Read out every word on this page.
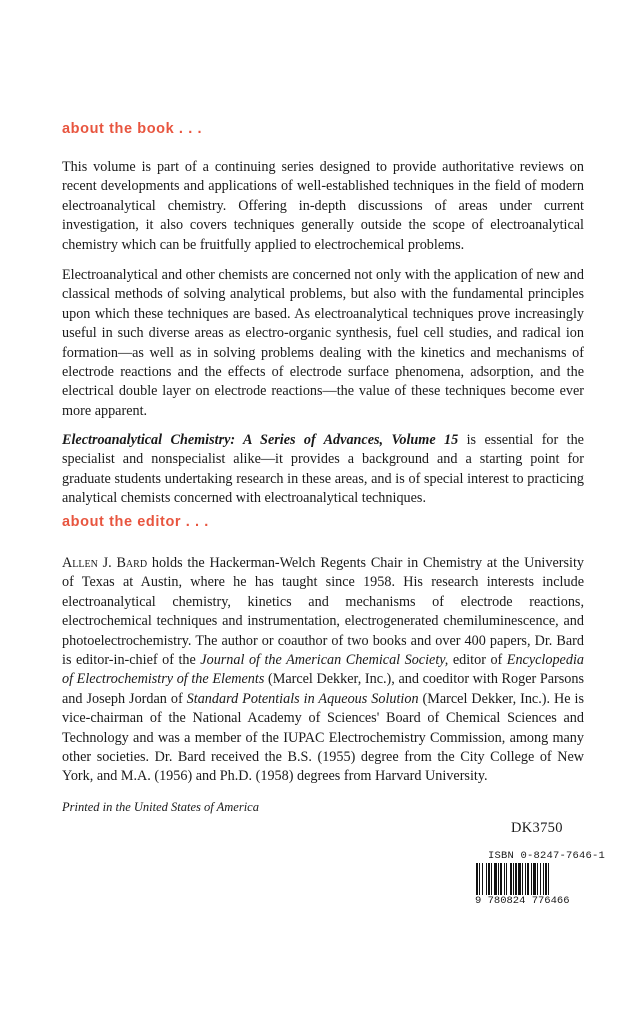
about the book . . .

This volume is part of a continuing series designed to provide authoritative reviews on recent developments and applications of well-established techniques in the field of modern electroanalytical chemistry. Offering in-depth discussions of areas under current investigation, it also covers techniques generally outside the scope of electroanalytical chemistry which can be fruitfully applied to electrochemical problems.

Electroanalytical and other chemists are concerned not only with the application of new and classical methods of solving analytical problems, but also with the fundamental principles upon which these techniques are based. As electroanalytical techniques prove increasingly useful in such diverse areas as electro-organic synthesis, fuel cell studies, and radical ion formation—as well as in solving problems dealing with the kinetics and mechanisms of electrode reactions and the effects of electrode surface phenomena, adsorption, and the electrical double layer on electrode reactions—the value of these techniques become ever more apparent.

Electroanalytical Chemistry: A Series of Advances, Volume 15 is essential for the specialist and nonspecialist alike—it provides a background and a starting point for graduate students undertaking research in these areas, and is of special interest to practicing analytical chemists concerned with electroanalytical techniques.

about the editor . . .

Allen J. Bard holds the Hackerman-Welch Regents Chair in Chemistry at the University of Texas at Austin, where he has taught since 1958. His research interests include electroanalytical chemistry, kinetics and mechanisms of electrode reactions, electrochemical techniques and instrumentation, electrogenerated chemiluminescence, and photoelectrochemistry. The author or coauthor of two books and over 400 papers, Dr. Bard is editor-in-chief of the Journal of the American Chemical Society, editor of Encyclopedia of Electrochemistry of the Elements (Marcel Dekker, Inc.), and coeditor with Roger Parsons and Joseph Jordan of Standard Potentials in Aqueous Solution (Marcel Dekker, Inc.). He is vice-chairman of the National Academy of Sciences' Board of Chemical Sciences and Technology and was a member of the IUPAC Electrochemistry Commission, among many other societies. Dr. Bard received the B.S. (1955) degree from the City College of New York, and M.A. (1956) and Ph.D. (1958) degrees from Harvard University.

Printed in the United States of America
DK3750
ISBN 0-8247-7646-1
9 780824 776466
